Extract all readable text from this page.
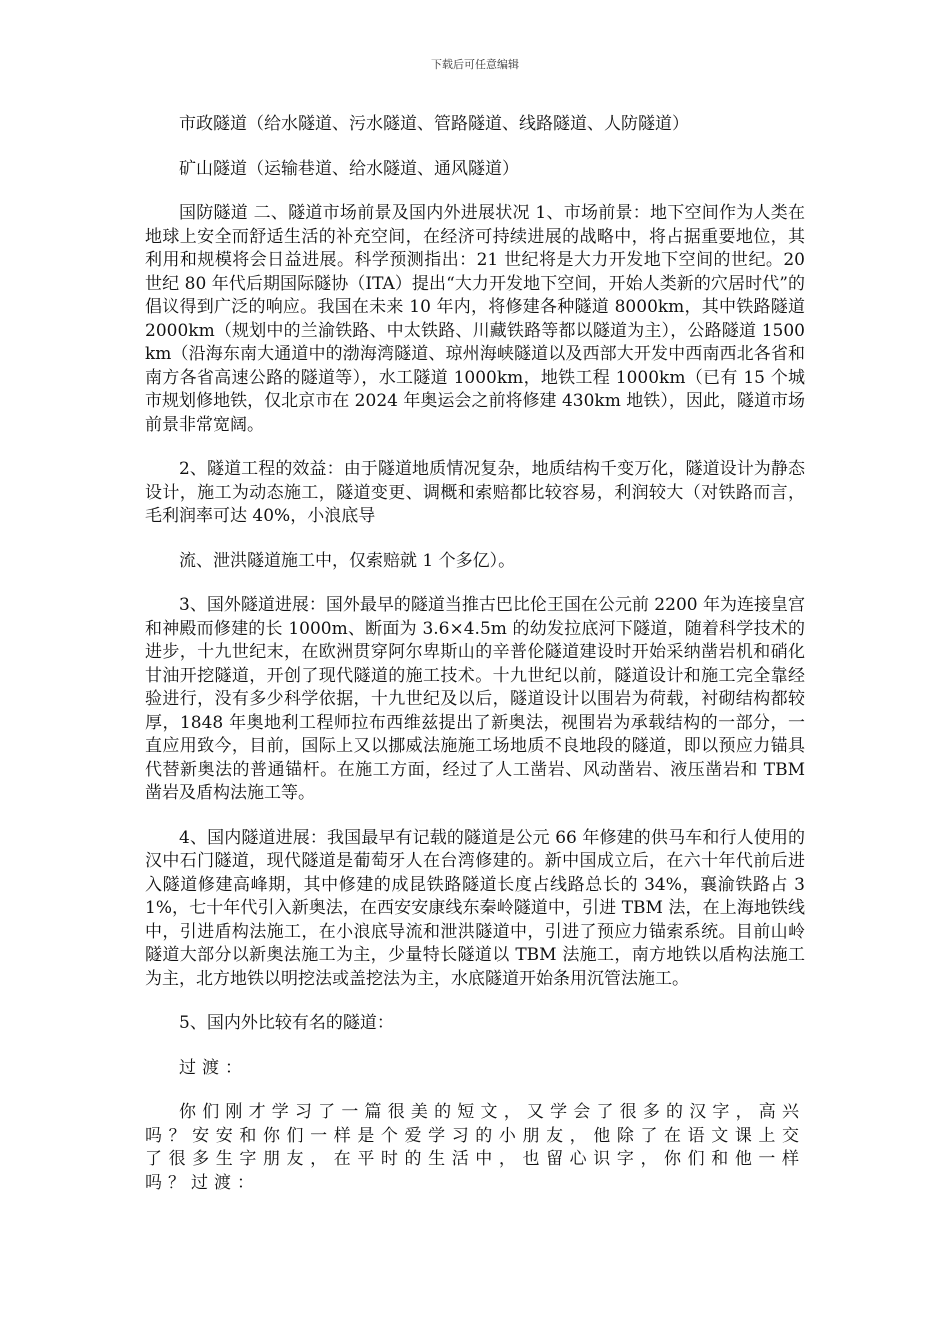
下载后可任意编辑

市政隧道（给水隧道、污水隧道、管路隧道、线路隧道、人防隧道）

矿山隧道（运输巷道、给水隧道、通风隧道）

国防隧道 二、隧道市场前景及国内外进展状况 1、市场前景：地下空间作为人类在地球上安全而舒适生活的补充空间，在经济可持续进展的战略中，将占据重要地位，其利用和规模将会日益进展。科学预测指出：21 世纪将是大力开发地下空间的世纪。20 世纪 80 年代后期国际隧协（ITA）提出“大力开发地下空间，开始人类新的穴居时代”的倡议得到广泛的响应。我国在未来 10 年内，将修建各种隧道 8000km，其中铁路隧道 2000km（规划中的兰渝铁路、中太铁路、川藏铁路等都以隧道为主），公路隧道 1500km（沿海东南大通道中的渤海湾隧道、琼州海峡隧道以及西部大开发中西南西北各省和南方各省高速公路的隧道等），水工隧道 1000km，地铁工程 1000km（已有 15 个城市规划修地铁，仅北京市在 2024 年奥运会之前将修建 430km 地铁），因此，隧道市场前景非常宽阔。

2、隧道工程的效益：由于隧道地质情况复杂，地质结构千变万化，隧道设计为静态设计，施工为动态施工，隧道变更、调概和索赔都比较容易，利润较大（对铁路而言，毛利润率可达 40%，小浪底导

流、泄洪隧道施工中，仅索赔就 1 个多亿）。

3、国外隧道进展：国外最早的隧道当推古巴比伦王国在公元前 2200 年为连接皇宫和神殿而修建的长 1000m、断面为 3.6×4.5m 的幼发拉底河下隧道，随着科学技术的进步，十九世纪末，在欧洲贯穿阿尔卑斯山的辛普伦隧道建设时开始采纳凿岩机和硝化甘油开挖隧道，开创了现代隧道的施工技术。十九世纪以前，隧道设计和施工完全靠经验进行，没有多少科学依据，十九世纪及以后，隧道设计以围岩为荷载，衬砌结构都较厚，1848 年奥地利工程师拉布西维兹提出了新奥法，视围岩为承载结构的一部分，一直应用致今，目前，国际上又以挪威法施施工场地质不良地段的隧道，即以预应力锚具代替新奥法的普通锚杆。在施工方面，经过了人工凿岩、风动凿岩、液压凿岩和 TBM 凿岩及盾构法施工等。

4、国内隧道进展：我国最早有记载的隧道是公元 66 年修建的供马车和行人使用的汉中石门隧道，现代隧道是葡萄牙人在台湾修建的。新中国成立后，在六十年代前后进入隧道修建高峰期，其中修建的成昆铁路隧道长度占线路总长的 34%，襄渝铁路占 31%，七十年代引入新奥法，在西安安康线东秦岭隧道中，引进 TBM 法，在上海地铁线中，引进盾构法施工，在小浪底导流和泄洪隧道中，引进了预应力锚索系统。目前山岭隧道大部分以新奥法施工为主，少量特长隧道以 TBM 法施工，南方地铁以盾构法施工为主，北方地铁以明挖法或盖挖法为主，水底隧道开始条用沉管法施工。

5、国内外比较有名的隧道：

过渡：

你们刚才学习了一篇很美的短文，又学会了很多的汉字，高兴吗？安安和你们一样是个爱学习的小朋友，他除了在语文课上交了很多生字朋友，在平时的生活中，也留心识字，你们和他一样吗？过渡：
